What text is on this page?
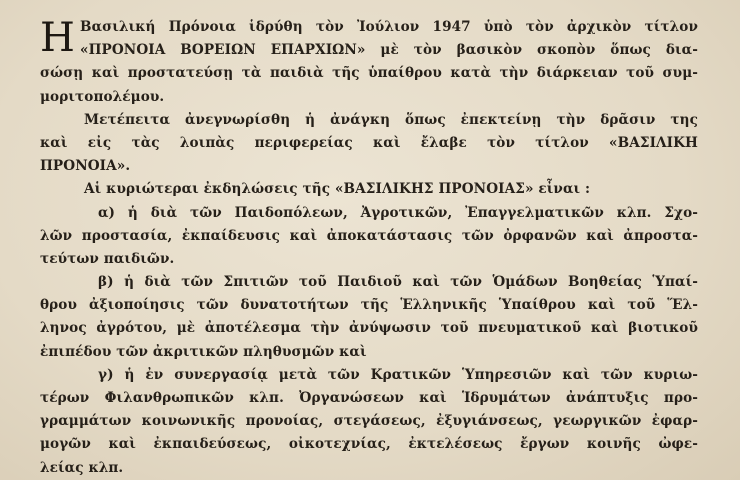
Η Βασιλική Πρόνοια ἱδρύθη τὸν Ἰούλιον 1947 ὑπὸ τὸν ἀρχικὸν τίτλον
«ΠΡΟΝΟΙΑ ΒΟΡΕΙΩΝ ΕΠΑΡΧΙΩΝ» μὲ τὸν βασικὸν σκοπὸν ὅπως δια-
σώσῃ καὶ προστατεύσῃ τὰ παιδιὰ τῆς ὑπαίθρου κατὰ τὴν διάρκειαν τοῦ συμ-
μοριτοπολέμου.
Μετέπειτα ἀνεγνωρίσθη ἡ ἀνάγκη ὅπως ἐπεκτείνῃ τὴν δρᾶσιν της
καὶ εἰς τὰς λοιπὰς περιφερείας καὶ ἔλαβε τὸν τίτλον «ΒΑΣΙΛΙΚΗ
ΠΡΟΝΟΙΑ».
Αἱ κυριώτεραι ἐκδηλώσεις τῆς «ΒΑΣΙΛΙΚΗΣ ΠΡΟΝΟΙΑΣ» εἶναι :
α) ἡ διὰ τῶν Παιδοπόλεων, Ἀγροτικῶν, Ἐπαγγελματικῶν κλπ. Σχο-
λῶν προστασία, ἐκπαίδευσις καὶ ἀποκατάστασις τῶν ὀρφανῶν καὶ ἀπροστα-
τεύτων παιδιῶν.
β) ἡ διὰ τῶν Σπιτιῶν τοῦ Παιδιοῦ καὶ τῶν Ὁμάδων Βοηθείας Ὑπαί-
θρου ἀξιοποίησις τῶν δυνατοτήτων τῆς Ἑλληνικῆς Ὑπαίθρου καὶ τοῦ Ἕλ-
ληνος ἀγρότου, μὲ ἀποτέλεσμα τὴν ἀνύψωσιν τοῦ πνευματικοῦ καὶ βιοτικοῦ
ἐπιπέδου τῶν ἀκριτικῶν πληθυσμῶν καὶ
γ) ἡ ἐν συνεργασίᾳ μετὰ τῶν Κρατικῶν Ὑπηρεσιῶν καὶ τῶν κυριω-
τέρων Φιλανθρωπικῶν κλπ. Ὀργανώσεων καὶ Ἱδρυμάτων ἀνάπτυξις προ-
γραμμάτων κοινωνικῆς προνοίας, στεγάσεως, ἐξυγιάνσεως, γεωργικῶν ἐφαρ-
μογῶν καὶ ἐκπαιδεύσεως, οἰκοτεχνίας, ἐκτελέσεως ἔργων κοινῆς ὠφε-
λείας κλπ.
